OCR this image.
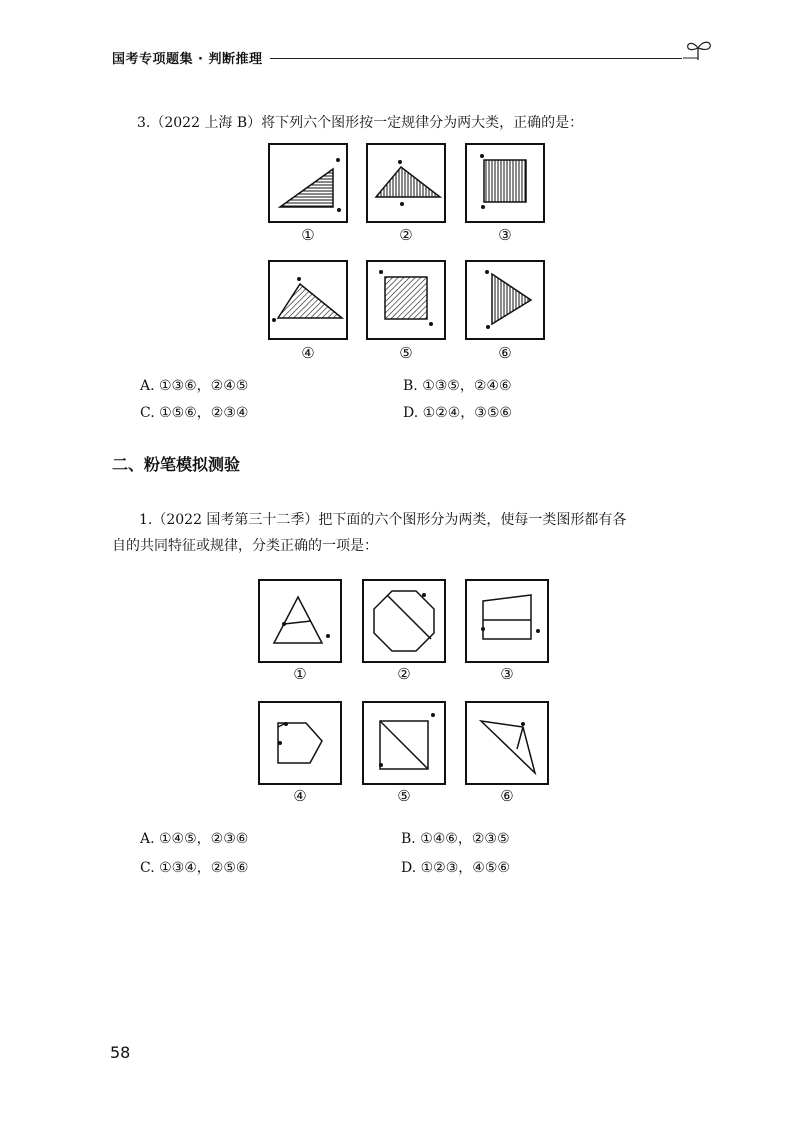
国考专项题集 · 判断推理
3.（2022 上海 B）将下列六个图形按一定规律分为两大类，正确的是：
①	②	③
④	⑤	⑥
A. ①③⑥，②④⑤	B. ①③⑤，②④⑥
C. ①⑤⑥，②③④	D. ①②④，③⑤⑥
二、粉笔模拟测验
1.（2022 国考第三十二季）把下面的六个图形分为两类，使每一类图形都有各
自的共同特征或规律，分类正确的一项是：
①	②	③
④	⑤	⑥
A. ①④⑤，②③⑥	B. ①④⑥，②③⑤
C. ①③④，②⑤⑥	D. ①②③，④⑤⑥
58
